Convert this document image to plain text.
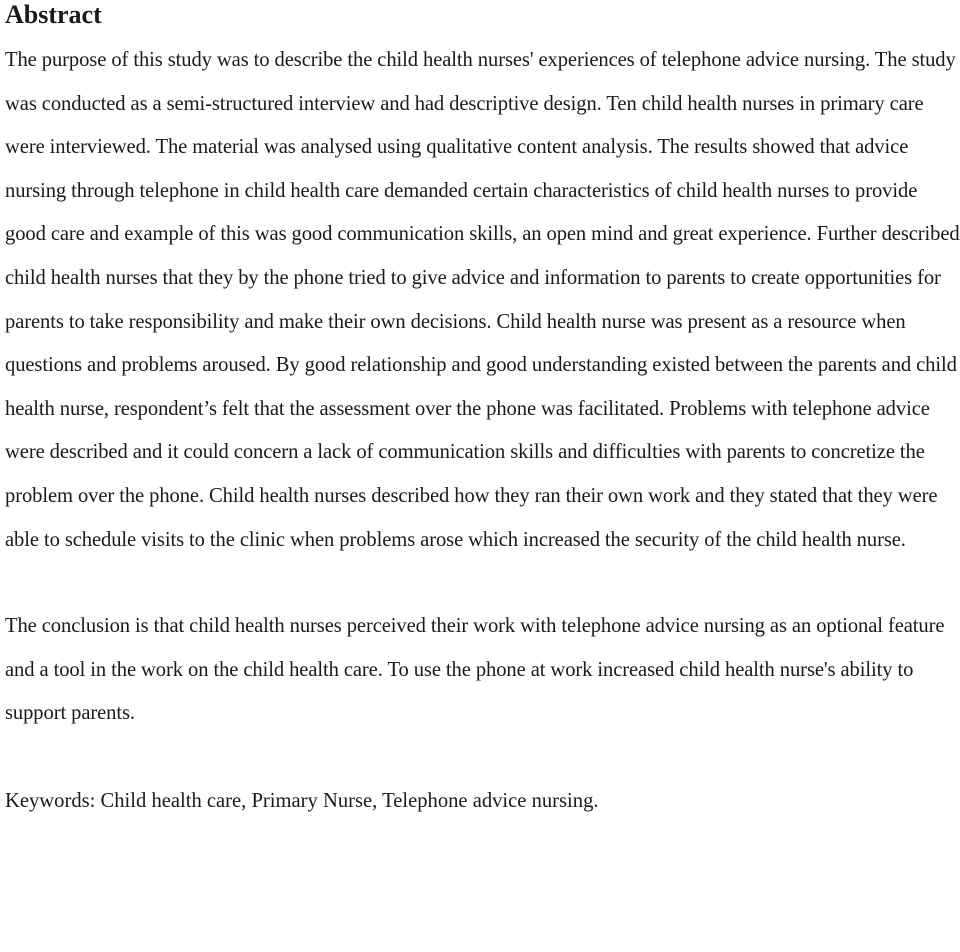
Abstract

The purpose of this study was to describe the child health nurses' experiences of telephone advice nursing. The study was conducted as a semi-structured interview and had descriptive design. Ten child health nurses in primary care were interviewed. The material was analysed using qualitative content analysis. The results showed that advice nursing through telephone in child health care demanded certain characteristics of child health nurses to provide good care and example of this was good communication skills, an open mind and great experience. Further described child health nurses that they by the phone tried to give advice and information to parents to create opportunities for parents to take responsibility and make their own decisions. Child health nurse was present as a resource when questions and problems aroused. By good relationship and good understanding existed between the parents and child health nurse, respondent’s felt that the assessment over the phone was facilitated. Problems with telephone advice were described and it could concern a lack of communication skills and difficulties with parents to concretize the problem over the phone. Child health nurses described how they ran their own work and they stated that they were able to schedule visits to the clinic when problems arose which increased the security of the child health nurse.

The conclusion is that child health nurses perceived their work with telephone advice nursing as an optional feature and a tool in the work on the child health care. To use the phone at work increased child health nurse's ability to support parents.

Keywords: Child health care, Primary Nurse, Telephone advice nursing.
